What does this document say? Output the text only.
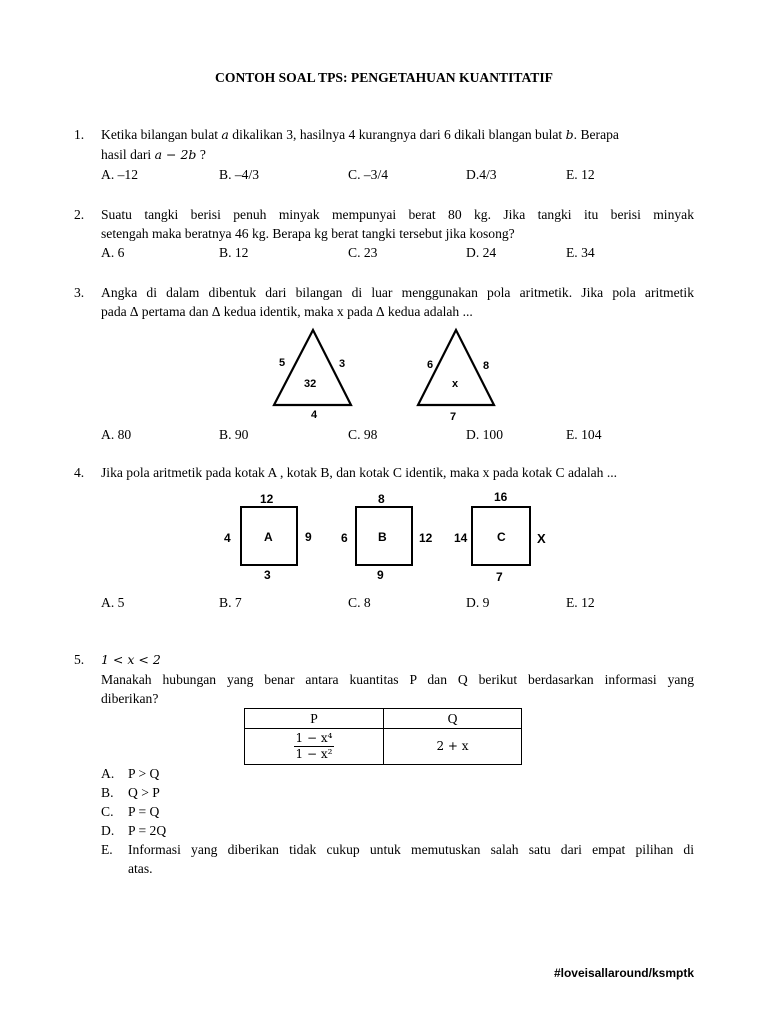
CONTOH SOAL TPS: PENGETAHUAN KUANTITATIF
1. Ketika bilangan bulat a dikalikan 3, hasilnya 4 kurangnya dari 6 dikali blangan bulat b. Berapa
hasil dari a − 2b ?
A. –12	B. –4/3	C. –3/4	D.4/3	E. 12
2. Suatu tangki berisi penuh minyak mempunyai berat 80 kg. Jika tangki itu berisi minyak
setengah maka beratnya 46 kg. Berapa kg berat tangki tersebut jika kosong?
A. 6	B. 12	C. 23	D. 24	E. 34
3. Angka di dalam dibentuk dari bilangan di luar menggunakan pola aritmetik. Jika pola aritmetik
pada ∆ pertama dan ∆ kedua identik, maka x pada ∆ kedua adalah ...
5	3
32
4
6	8
x
7
A. 80	B. 90	C. 98	D. 100	E. 104
4. Jika pola aritmetik pada kotak A , kotak B, dan kotak C identik, maka x pada kotak C adalah ...
12
4	A	9
3
8
6	B	12
9
16
14 C X
7
A. 5	B. 7	C. 8	D. 9	E. 12
5. 1 < x < 2
Manakah hubungan yang benar antara kuantitas P dan Q berikut berdasarkan informasi yang
diberikan?
P	Q

$\frac{\text{1 − x⁴}}{\text{1 − x²}}$	2 + x
A. P > Q
B. Q > P
C. P = Q
D. P = 2Q
E. Informasi yang diberikan tidak cukup untuk memutuskan salah satu dari empat pilihan di
atas.
#loveisallaround/ksmptk
